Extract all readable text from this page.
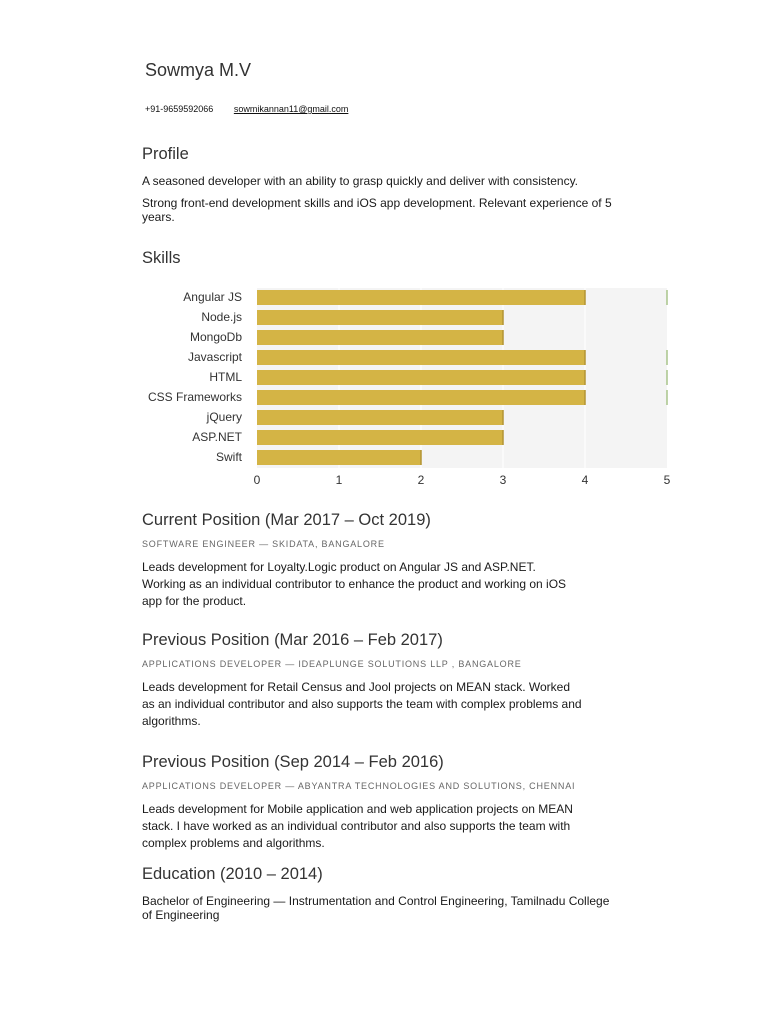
Sowmya M.V
+91-9659592066 sowmikannan11@gmail.com
Profile

A seasoned developer with an ability to grasp quickly and deliver with consistency.

Strong front-end development skills and iOS app development. Relevant experience of 5

years.

Skills
Angular JS
Node.js
MongoDb
Javascript
HTML
CSS Frameworks
jQuery
ASP.NET
Swift
0	1	2	3	4	5
Current Position (Mar 2017 – Oct 2019)

SOFTWARE ENGINEER — SKIDATA, BANGALORE

Leads development for Loyalty.Logic product on Angular JS and ASP.NET.

Working as an individual contributor to enhance the product and working on iOS

app for the product.

Previous Position (Mar 2016 – Feb 2017)

APPLICATIONS DEVELOPER — IDEAPLUNGE SOLUTIONS LLP , BANGALORE

Leads development for Retail Census and Jool projects on MEAN stack. Worked

as an individual contributor and also supports the team with complex problems and

algorithms.

Previous Position (Sep 2014 – Feb 2016)

APPLICATIONS DEVELOPER — ABYANTRA TECHNOLOGIES AND SOLUTIONS, CHENNAI

Leads development for Mobile application and web application projects on MEAN

stack. I have worked as an individual contributor and also supports the team with

complex problems and algorithms.

Education (2010 – 2014)

Bachelor of Engineering — Instrumentation and Control Engineering, Tamilnadu College

of Engineering
